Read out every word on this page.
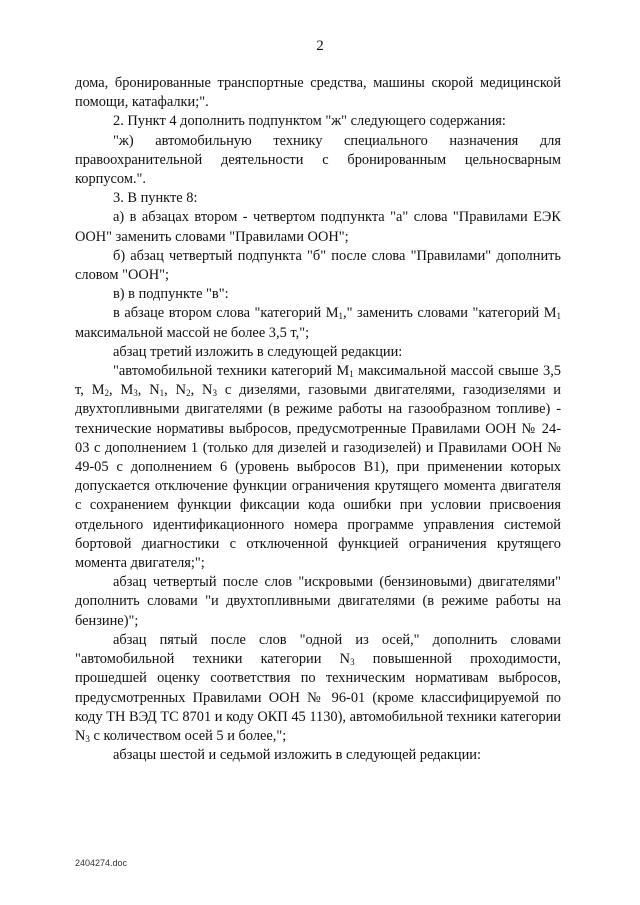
2

дома, бронированные транспортные средства, машины скорой медицинской помощи, катафалки;".

2. Пункт 4 дополнить подпунктом "ж" следующего содержания:

"ж) автомобильную технику специального назначения для правоохранительной деятельности с бронированным цельносварным корпусом.".

3. В пункте 8:

а) в абзацах втором - четвертом подпункта "а" слова "Правилами ЕЭК ООН" заменить словами "Правилами ООН";

б) абзац четвертый подпункта "б" после слова "Правилами" дополнить словом "ООН";

в) в подпункте "в":

в абзаце втором слова "категорий $M_1$," заменить словами "категорий $M_1$ максимальной массой не более 3,5 т,";

абзац третий изложить в следующей редакции:

"автомобильной техники категорий $M_1$ максимальной массой свыше 3,5 т, $M_2$, $M_3$, $N_1$, $N_2$, $N_3$ с дизелями, газовыми двигателями, газодизелями и двухтопливными двигателями (в режиме работы на газообразном топливе) - технические нормативы выбросов, предусмотренные Правилами ООН № 24-03 с дополнением 1 (только для дизелей и газодизелей) и Правилами ООН № 49-05 с дополнением 6 (уровень выбросов В1), при применении которых допускается отключение функции ограничения крутящего момента двигателя с сохранением функции фиксации кода ошибки при условии присвоения отдельного идентификационного номера программе управления системой бортовой диагностики с отключенной функцией ограничения крутящего момента двигателя;";

абзац четвертый после слов "искровыми (бензиновыми) двигателями" дополнить словами "и двухтопливными двигателями (в режиме работы на бензине)";

абзац пятый после слов "одной из осей," дополнить словами "автомобильной техники категории $N_3$ повышенной проходимости, прошедшей оценку соответствия по техническим нормативам выбросов, предусмотренных Правилами ООН № 96-01 (кроме классифицируемой по коду ТН ВЭД ТС 8701 и коду ОКП 45 1130), автомобильной техники категории $N_3$ с количеством осей 5 и более,";

абзацы шестой и седьмой изложить в следующей редакции:

2404274.doc
